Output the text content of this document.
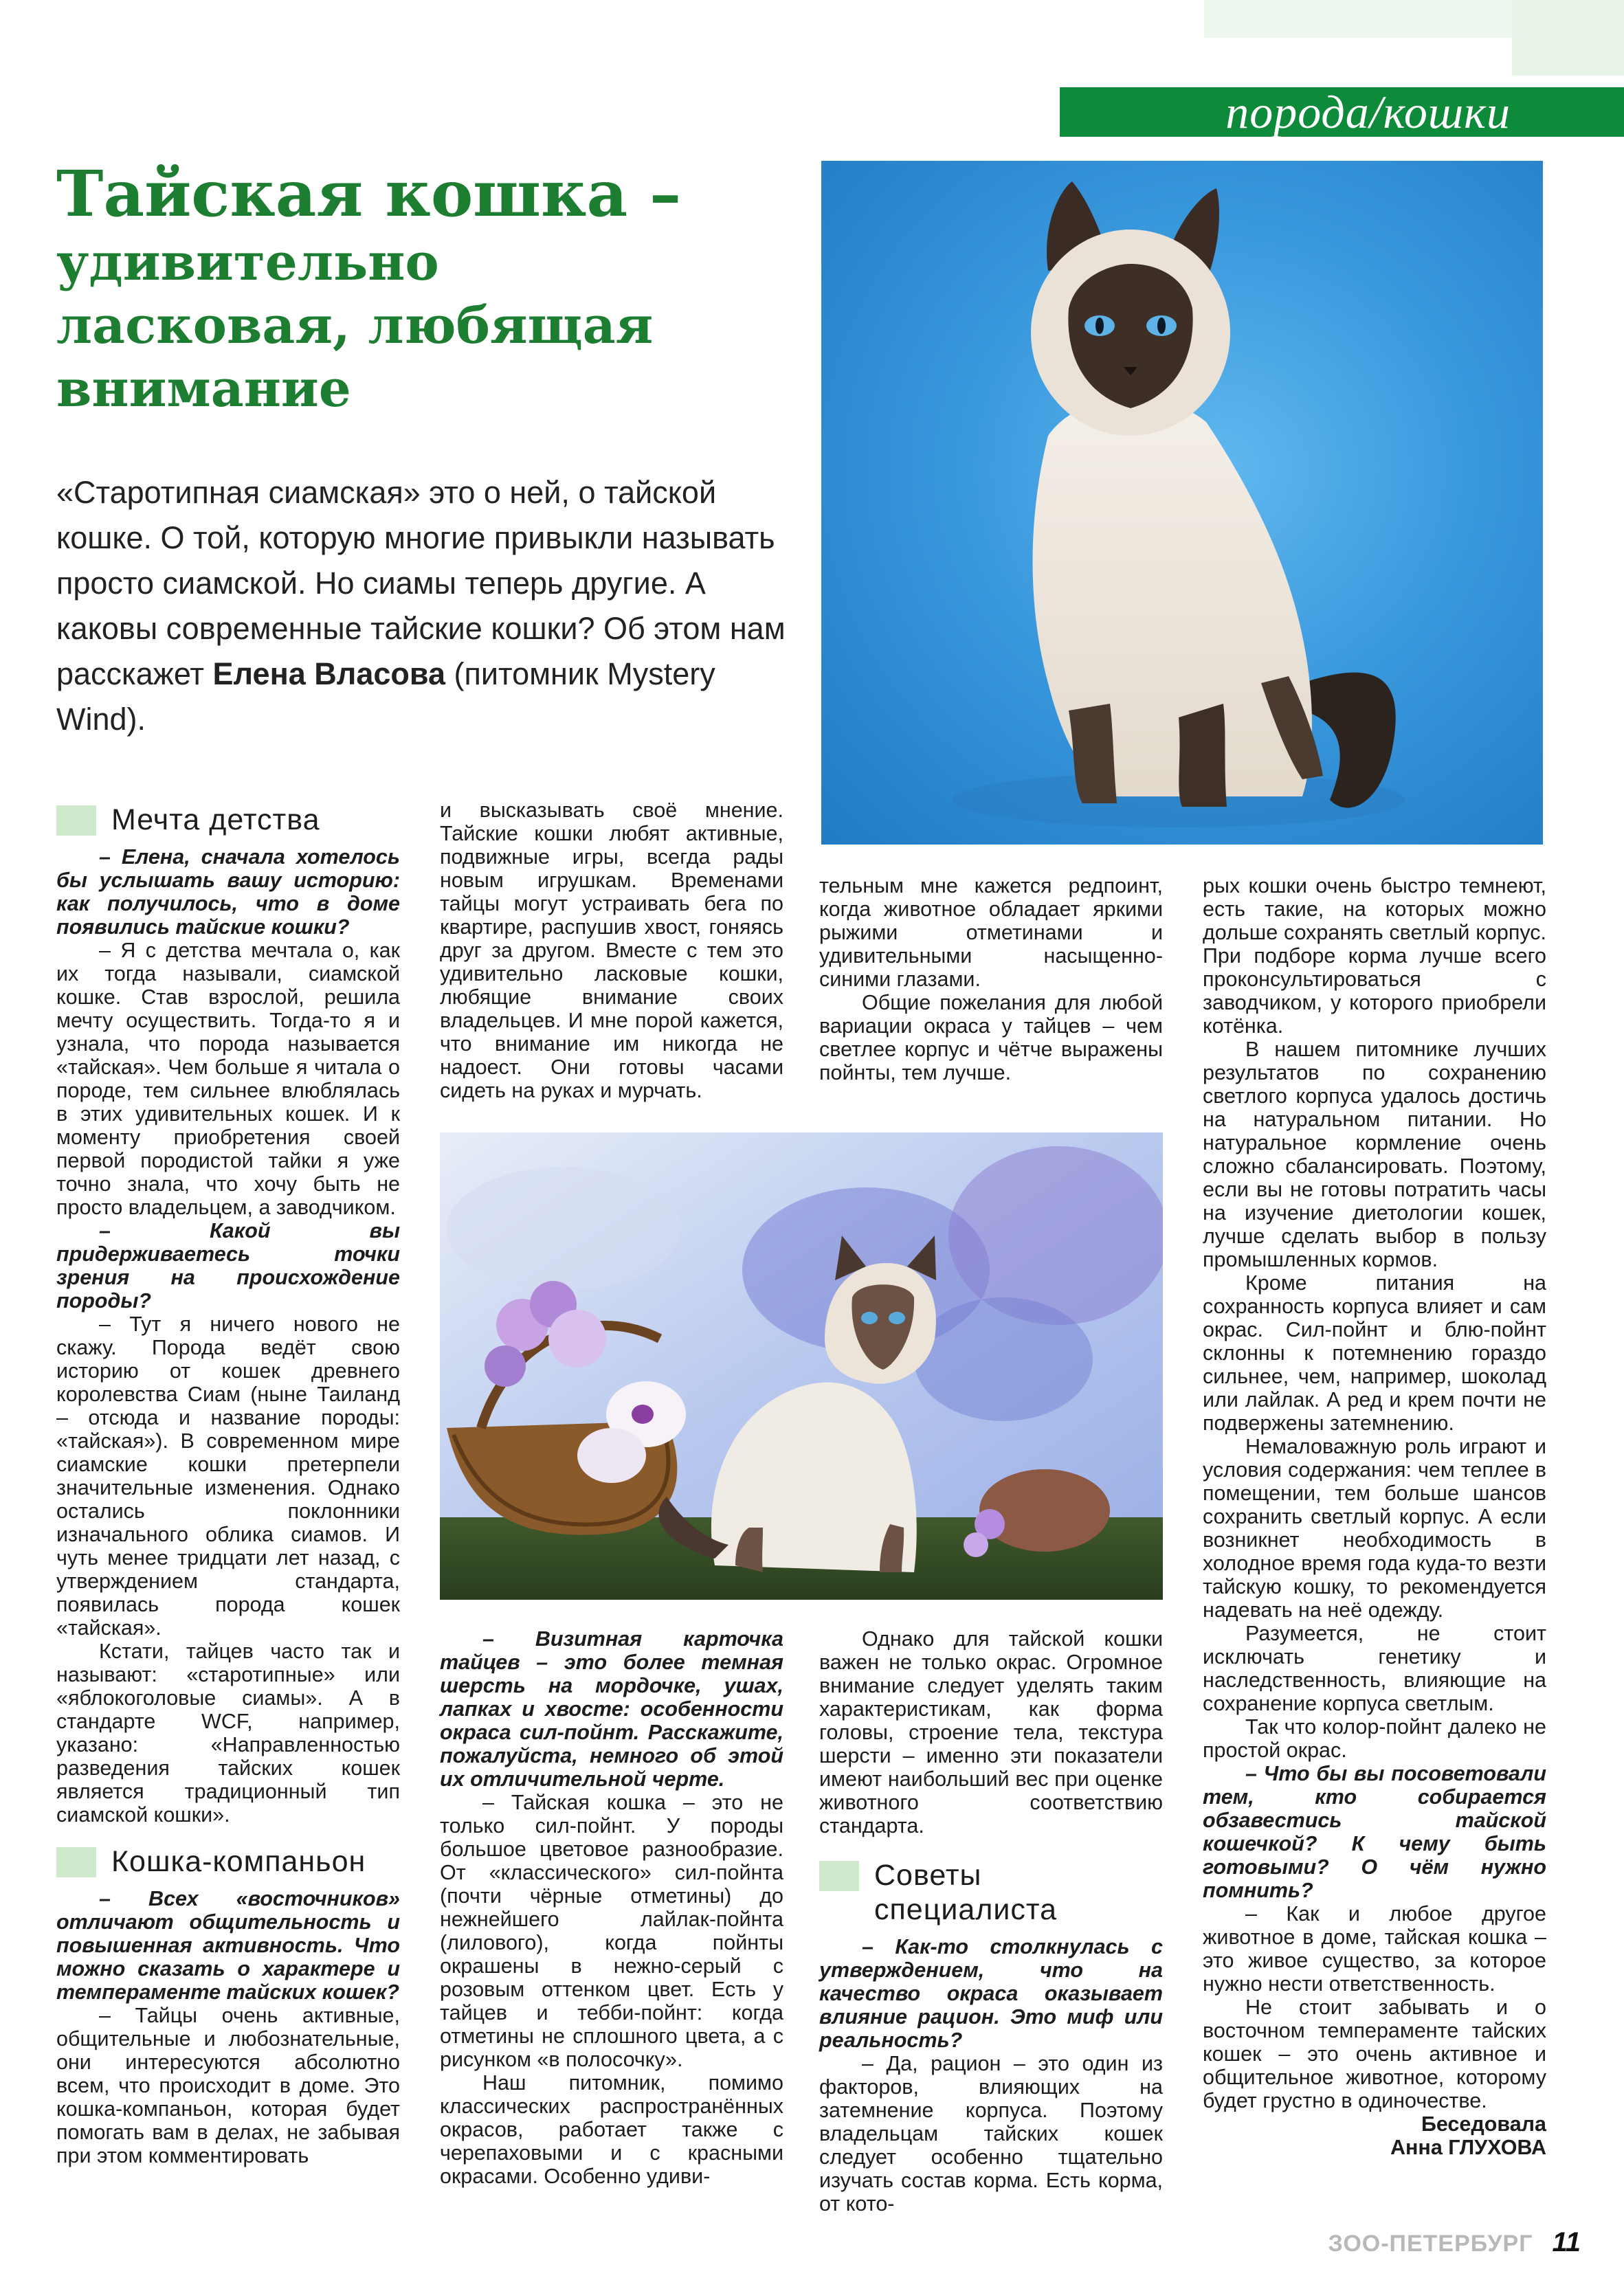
порода/кошки
Тайская кошка –
удивительно
ласковая, любящая
внимание
«Старотипная сиамская» это о ней, о тайской кошке. О той, которую многие привыкли называть просто сиамской. Но сиамы теперь другие. А каковы современные тайские кошки? Об этом нам расскажет Елена Власова (питомник Mystery Wind).
Мечта детства

– Елена, сначала хотелось бы услышать вашу историю: как получилось, что в доме появились тайские кошки?

– Я с детства мечтала о, как их тогда называли, сиамской кошке. Став взрослой, решила мечту осуществить. Тогда-то я и узнала, что порода называется «тайская». Чем больше я читала о породе, тем сильнее влюблялась в этих удивительных кошек. И к моменту приобретения своей первой породистой тайки я уже точно знала, что хочу быть не просто владельцем, а заводчиком.

– Какой вы придерживаетесь точки зрения на происхождение породы?

– Тут я ничего нового не скажу. Порода ведёт свою историю от кошек древнего королевства Сиам (ныне Таиланд – отсюда и название породы: «тайская»). В современном мире сиамские кошки претерпели значительные изменения. Однако остались поклонники изначального облика сиамов. И чуть менее тридцати лет назад, с утверждением стандарта, появилась порода кошек «тайская».

Кстати, тайцев часто так и называют: «старотипные» или «яблокоголовые сиамы». А в стандарте WCF, например, указано: «Направленностью разведения тайских кошек является традиционный тип сиамской кошки».

Кошка-компаньон

– Всех «восточников» отличают общительность и повышенная активность. Что можно сказать о характере и темпераменте тайских кошек?

– Тайцы очень активные, общительные и любознательные, они интересуются абсолютно всем, что происходит в доме. Это кошка-компаньон, которая будет помогать вам в делах, не забывая при этом комментировать

и высказывать своё мнение. Тайские кошки любят активные, подвижные игры, всегда рады новым игрушкам. Временами тайцы могут устраивать бега по квартире, распушив хвост, гоняясь друг за другом. Вместе с тем это удивительно ласковые кошки, любящие внимание своих владельцев. И мне порой кажется, что внимание им никогда не надоест. Они готовы часами сидеть на руках и мурчать.

тельным мне кажется редпоинт, когда животное обладает яркими рыжими отметинами и удивительными насыщенно-синими глазами.

Общие пожелания для любой вариации окраса у тайцев – чем светлее корпус и чётче выражены пойнты, тем лучше.

– Визитная карточка тайцев – это более темная шерсть на мордочке, ушах, лапках и хвосте: особенности окраса сил-пойнт. Расскажите, пожалуйста, немного об этой их отличительной черте.

– Тайская кошка – это не только сил-пойнт. У породы большое цветовое разнообразие. От «классического» сил-пойнта (почти чёрные отметины) до нежнейшего лайлак-пойнта (лилового), когда пойнты окрашены в нежно-серый с розовым оттенком цвет. Есть у тайцев и тебби-пойнт: когда отметины не сплошного цвета, а с рисунком «в полосочку».

Наш питомник, помимо классических распространённых окрасов, работает также с черепаховыми и с красными окрасами. Особенно удиви-

Однако для тайской кошки важен не только окрас. Огромное внимание следует уделять таким характеристикам, как форма головы, строение тела, текстура шерсти – именно эти показатели имеют наибольший вес при оценке животного соответствию стандарта.

Советы специалиста

– Как-то столкнулась с утверждением, что на качество окраса оказывает влияние рацион. Это миф или реальность?

– Да, рацион – это один из факторов, влияющих на затемнение корпуса. Поэтому владельцам тайских кошек следует особенно тщательно изучать состав корма. Есть корма, от кото-

рых кошки очень быстро темнеют, есть такие, на которых можно дольше сохранять светлый корпус. При подборе корма лучше всего проконсультироваться с заводчиком, у которого приобрели котёнка.

В нашем питомнике лучших результатов по сохранению светлого корпуса удалось достичь на натуральном питании. Но натуральное кормление очень сложно сбалансировать. Поэтому, если вы не готовы потратить часы на изучение диетологии кошек, лучше сделать выбор в пользу промышленных кормов.

Кроме питания на сохранность корпуса влияет и сам окрас. Сил-пойнт и блю-пойнт склонны к потемнению гораздо сильнее, чем, например, шоколад или лайлак. А ред и крем почти не подвержены затемнению.

Немаловажную роль играют и условия содержания: чем теплее в помещении, тем больше шансов сохранить светлый корпус. А если возникнет необходимость в холодное время года куда-то везти тайскую кошку, то рекомендуется надевать на неё одежду.

Разумеется, не стоит исключать генетику и наследственность, влияющие на сохранение корпуса светлым.

Так что колор-пойнт далеко не простой окрас.

– Что бы вы посоветовали тем, кто собирается обзавестись тайской кошечкой? К чему быть готовыми? О чём нужно помнить?

– Как и любое другое животное в доме, тайская кошка – это живое существо, за которое нужно нести ответственность.

Не стоит забывать и о восточном темпераменте тайских кошек – это очень активное и общительное животное, которому будет грустно в одиночестве.

Беседовала
Анна ГЛУХОВА
ЗОО-ПЕТЕРБУРГ 11
